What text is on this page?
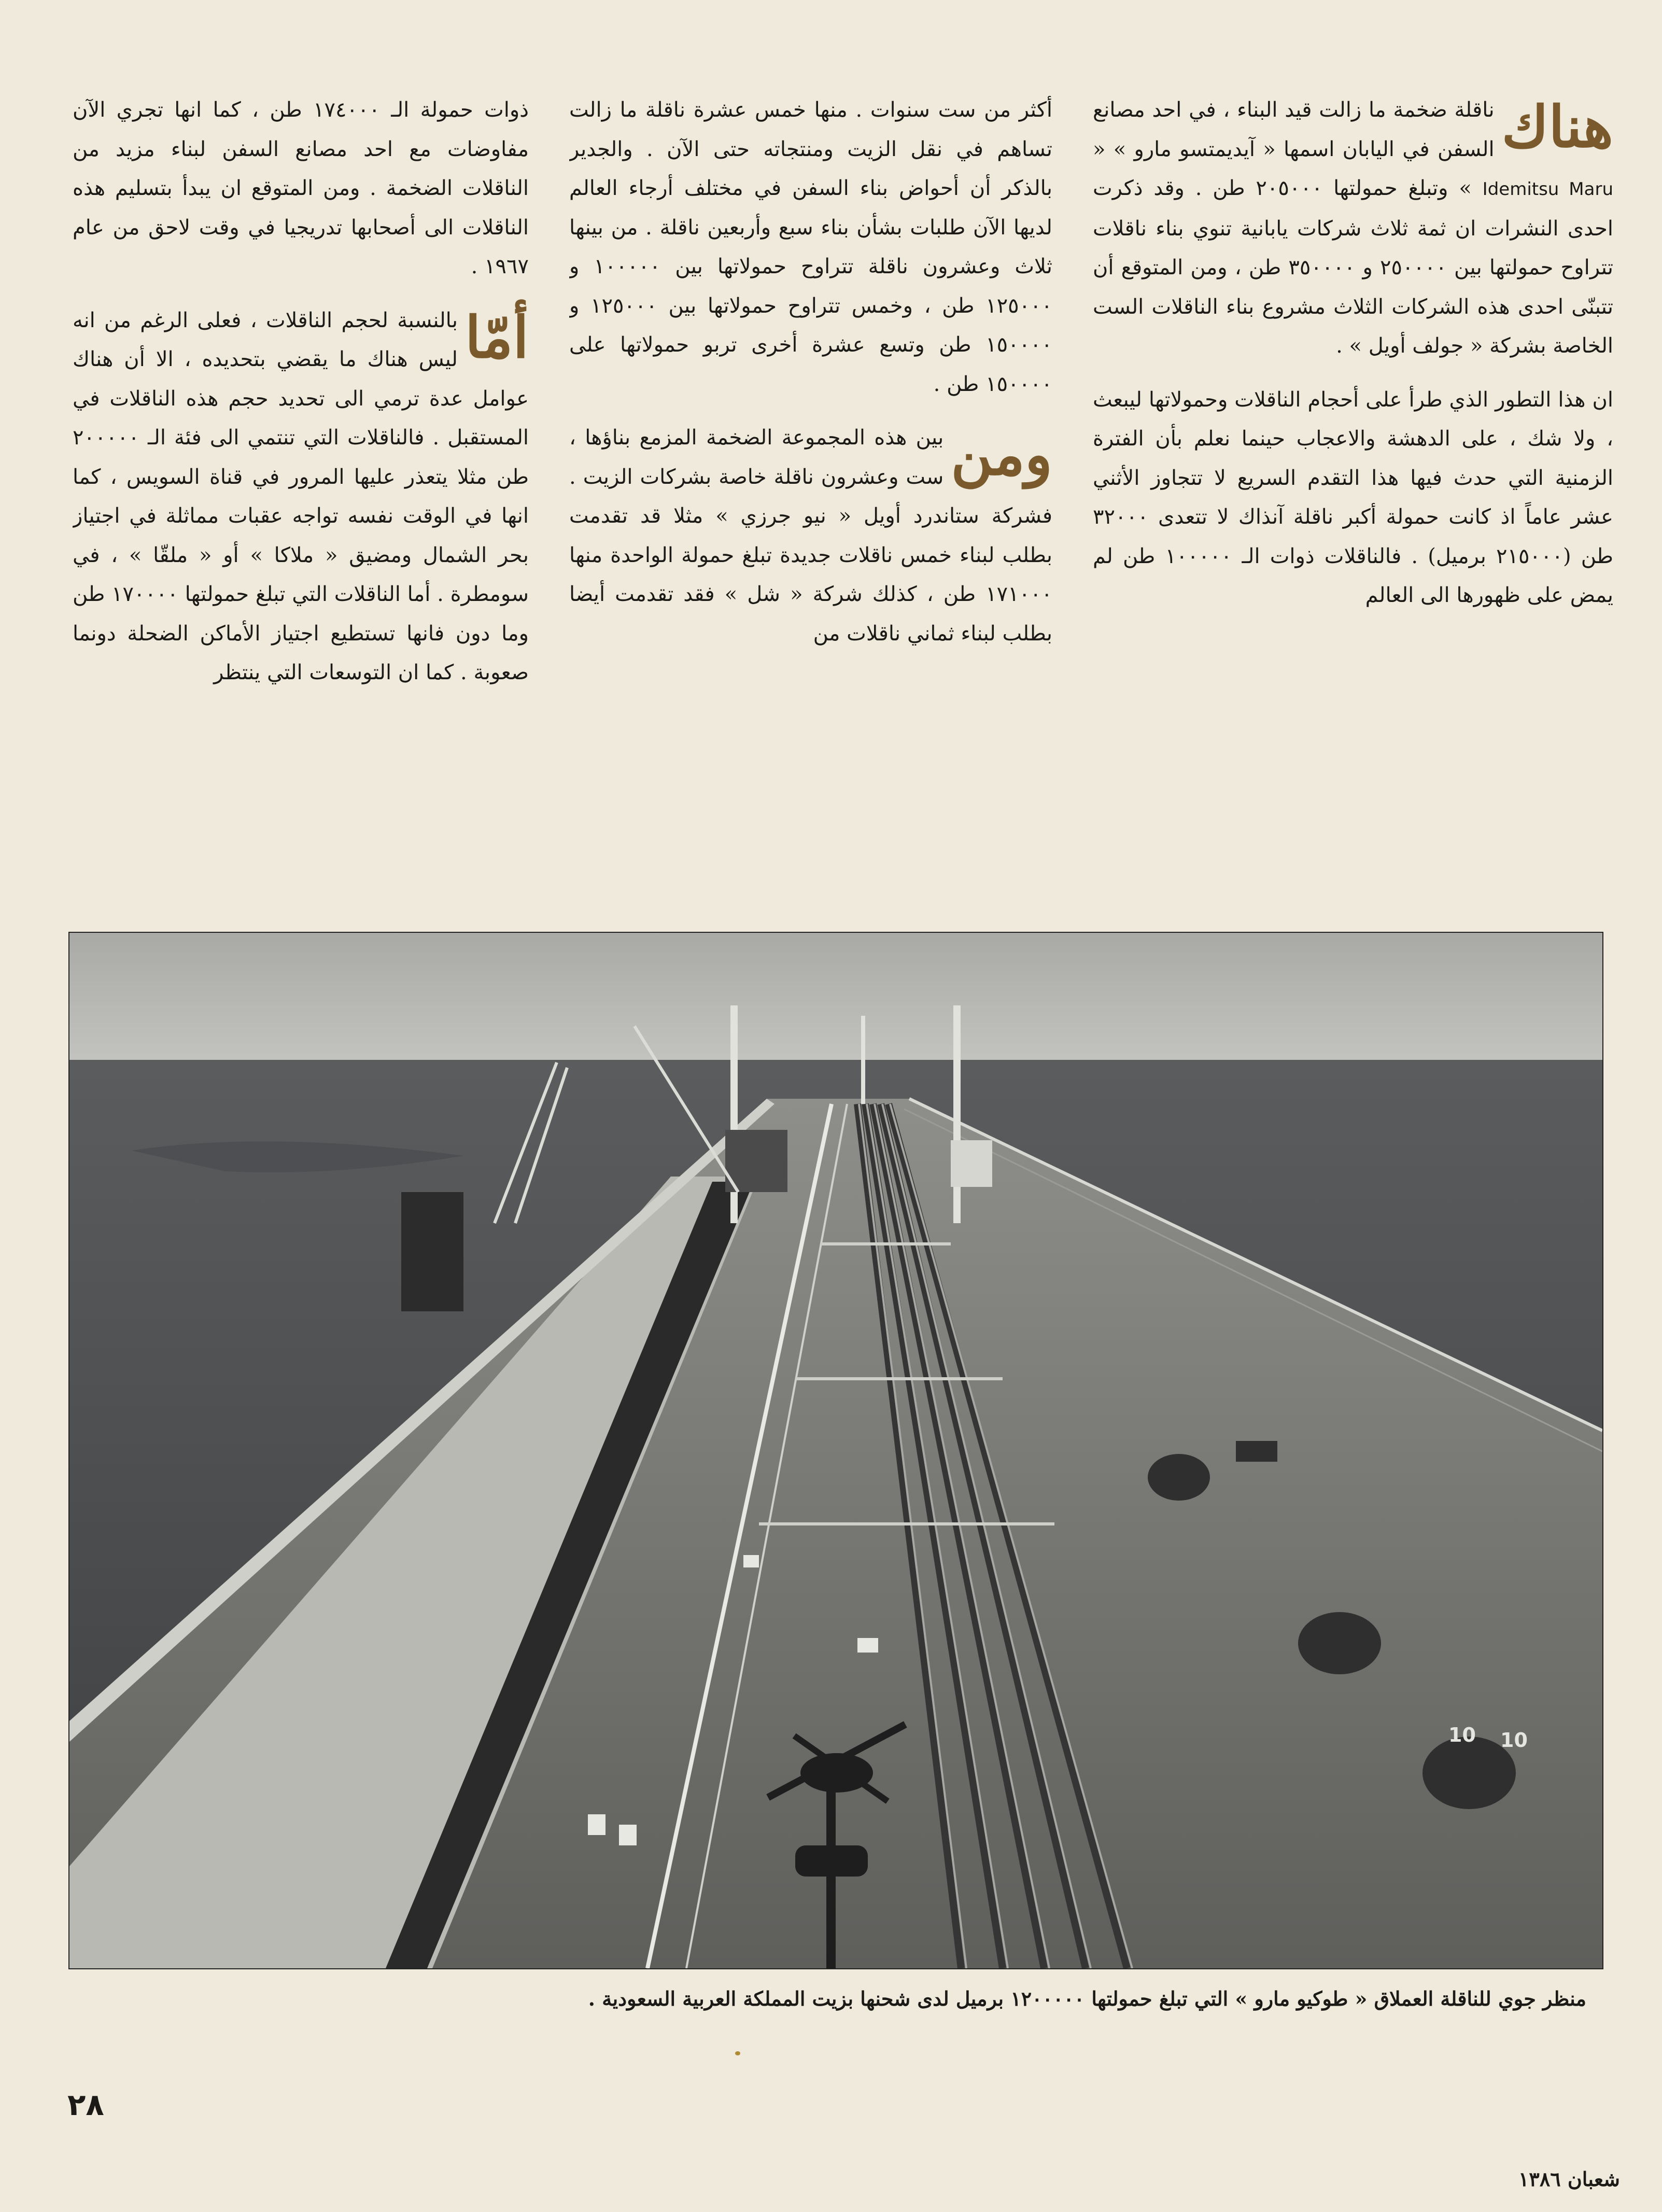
هناك
ناقلة ضخمة ما زالت قيد البناء ، في احد مصانع السفن في اليابان اسمها « آيديمتسو مارو » « Idemitsu Maru » وتبلغ حمولتها ٢٠٥٠٠٠ طن . وقد ذكرت احدى النشرات ان ثمة ثلاث شركات يابانية تنوي بناء ناقلات تتراوح حمولتها بين ٢٥٠٠٠٠ و ٣٥٠٠٠٠ طن ، ومن المتوقع أن تتبنّى احدى هذه الشركات الثلاث مشروع بناء الناقلات الست الخاصة بشركة « جولف أويل » .

ان هذا التطور الذي طرأ على أحجام الناقلات وحمولاتها ليبعث ، ولا شك ، على الدهشة والاعجاب حينما نعلم بأن الفترة الزمنية التي حدث فيها هذا التقدم السريع لا تتجاوز الأثني عشر عاماً اذ كانت حمولة أكبر ناقلة آنذاك لا تتعدى ٣٢٠٠٠ طن (٢١٥٠٠٠ برميل) . فالناقلات ذوات الـ ١٠٠٠٠٠ طن لم يمض على ظهورها الى العالم

أكثر من ست سنوات . منها خمس عشرة ناقلة ما زالت تساهم في نقل الزيت ومنتجاته حتى الآن . والجدير بالذكر أن أحواض بناء السفن في مختلف أرجاء العالم لديها الآن طلبات بشأن بناء سبع وأربعين ناقلة . من بينها ثلاث وعشرون ناقلة تتراوح حمولاتها بين ١٠٠٠٠٠ و ١٢٥٠٠٠ طن ، وخمس تتراوح حمولاتها بين ١٢٥٠٠٠ و ١٥٠٠٠٠ طن وتسع عشرة أخرى تربو حمولاتها على ١٥٠٠٠٠ طن .

ومن
بين هذه المجموعة الضخمة المزمع بناؤها ، ست وعشرون ناقلة خاصة بشركات الزيت . فشركة ستاندرد أويل « نيو جرزي » مثلا قد تقدمت بطلب لبناء خمس ناقلات جديدة تبلغ حمولة الواحدة منها ١٧١٠٠٠ طن ، كذلك شركة « شل » فقد تقدمت أيضا بطلب لبناء ثماني ناقلات من

ذوات حمولة الـ ١٧٤٠٠٠ طن ، كما انها تجري الآن مفاوضات مع احد مصانع السفن لبناء مزيد من الناقلات الضخمة . ومن المتوقع ان يبدأ بتسليم هذه الناقلات الى أصحابها تدريجيا في وقت لاحق من عام ١٩٦٧ .

أمّا
بالنسبة لحجم الناقلات ، فعلى الرغم من انه ليس هناك ما يقضي بتحديده ، الا أن هناك عوامل عدة ترمي الى تحديد حجم هذه الناقلات في المستقبل . فالناقلات التي تنتمي الى فئة الـ ٢٠٠٠٠٠ طن مثلا يتعذر عليها المرور في قناة السويس ، كما انها في الوقت نفسه تواجه عقبات مماثلة في اجتياز بحر الشمال ومضيق « ملاكا » أو « ملقّا » ، في سومطرة . أما الناقلات التي تبلغ حمولتها ١٧٠٠٠٠ طن وما دون فانها تستطيع اجتياز الأماكن الضحلة دونما صعوبة . كما ان التوسعات التي ينتظر

10 10
منظر جوي للناقلة العملاق « طوكيو مارو » التي تبلغ حمولتها ١٢٠٠٠٠٠ برميل لدى شحنها بزيت المملكة العربية السعودية .
٢٨
شعبان ١٣٨٦
